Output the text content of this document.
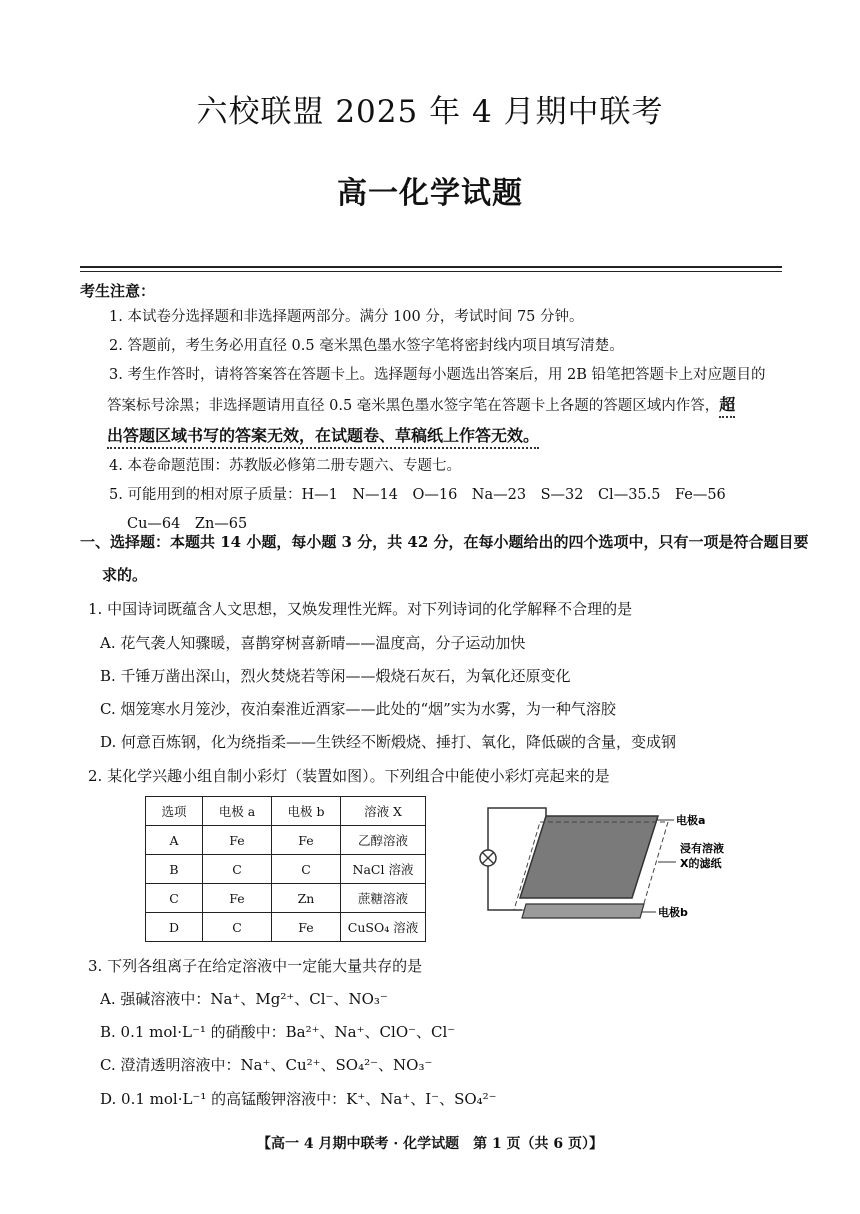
六校联盟 2025 年 4 月期中联考
高一化学试题
考生注意：
1. 本试卷分选择题和非选择题两部分。满分 100 分，考试时间 75 分钟。
2. 答题前，考生务必用直径 0.5 毫米黑色墨水签字笔将密封线内项目填写清楚。
3. 考生作答时，请将答案答在答题卡上。选择题每小题选出答案后，用 2B 铅笔把答题卡上对应题目的
答案标号涂黑；非选择题请用直径 0.5 毫米黑色墨水签字笔在答题卡上各题的答题区域内作答，超
出答题区域书写的答案无效，在试题卷、草稿纸上作答无效。
4. 本卷命题范围：苏教版必修第二册专题六、专题七。
5. 可能用到的相对原子质量：H—1　N—14　O—16　Na—23　S—32　Cl—35.5　Fe—56
Cu—64　Zn—65
一、选择题：本题共 14 小题，每小题 3 分，共 42 分，在每小题给出的四个选项中，只有一项是符合题目要
求的。
1. 中国诗词既蕴含人文思想，又焕发理性光辉。对下列诗词的化学解释不合理的是
A. 花气袭人知骤暖，喜鹊穿树喜新晴——温度高，分子运动加快
B. 千锤万凿出深山，烈火焚烧若等闲——煅烧石灰石，为氧化还原变化
C. 烟笼寒水月笼沙，夜泊秦淮近酒家——此处的“烟”实为水雾，为一种气溶胶
D. 何意百炼钢，化为绕指柔——生铁经不断煅烧、捶打、氧化，降低碳的含量，变成钢
2. 某化学兴趣小组自制小彩灯（装置如图）。下列组合中能使小彩灯亮起来的是
选项	电极 a	电极 b	溶液 X
A	Fe	Fe	乙醇溶液
B	C	C	NaCl 溶液
C	Fe	Zn	蔗糖溶液
D	C	Fe	CuSO₄ 溶液
电极a
浸有溶液
X的滤纸
电极b
3. 下列各组离子在给定溶液中一定能大量共存的是
A. 强碱溶液中：Na⁺、Mg²⁺、Cl⁻、NO₃⁻
B. 0.1 mol·L⁻¹ 的硝酸中：Ba²⁺、Na⁺、ClO⁻、Cl⁻
C. 澄清透明溶液中：Na⁺、Cu²⁺、SO₄²⁻、NO₃⁻
D. 0.1 mol·L⁻¹ 的高锰酸钾溶液中：K⁺、Na⁺、I⁻、SO₄²⁻
【高一 4 月期中联考 · 化学试题　第 1 页（共 6 页）】
